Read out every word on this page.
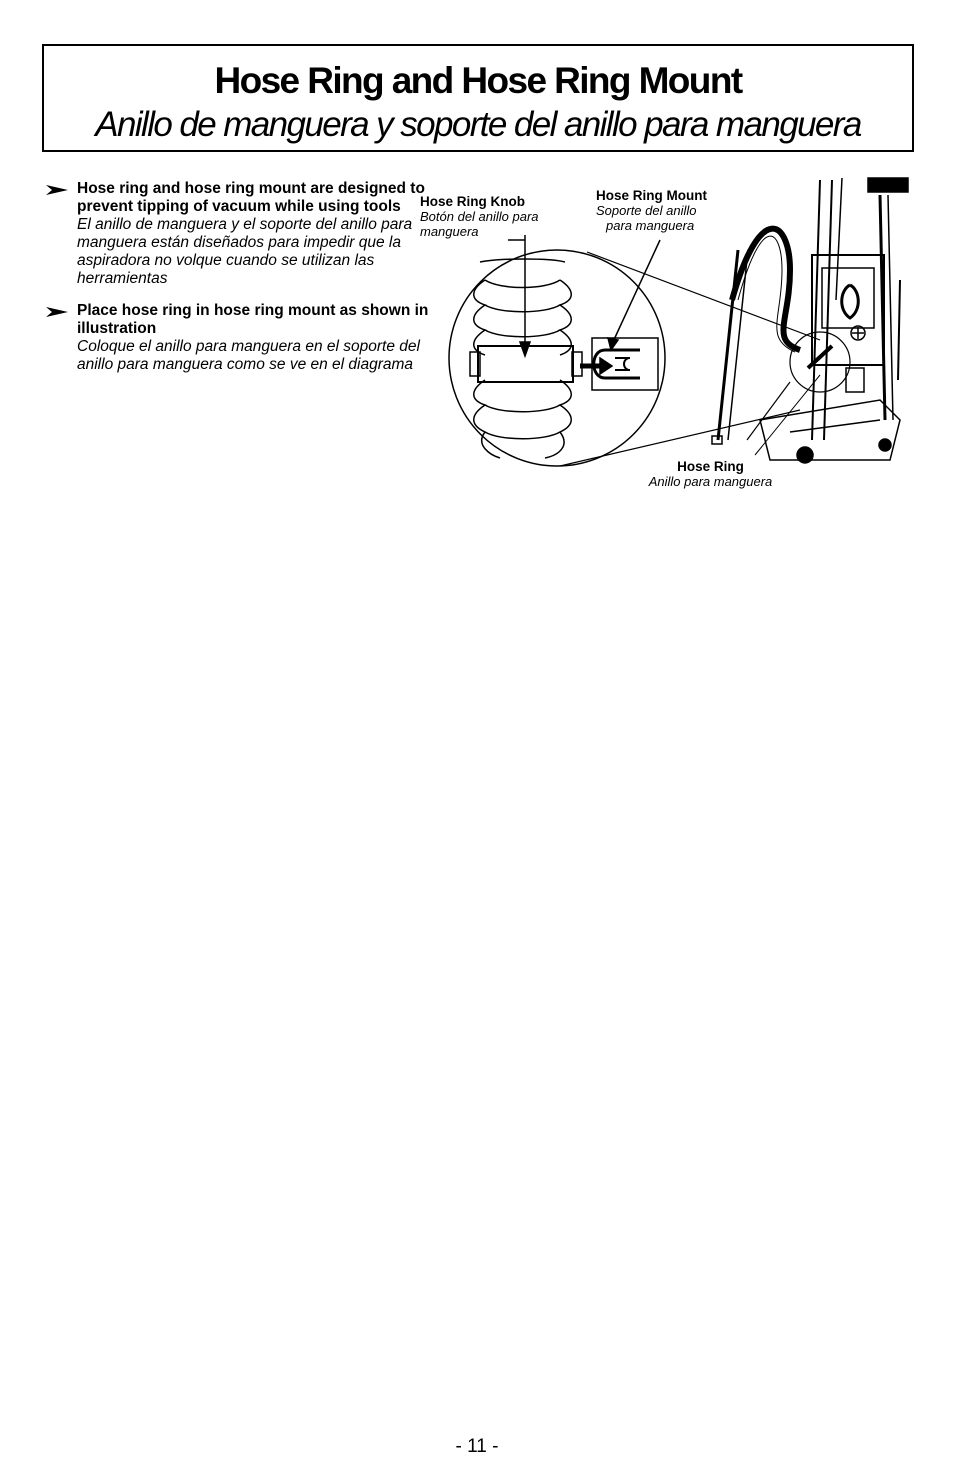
Hose Ring and Hose Ring Mount
Anillo de manguera y soporte del anillo para manguera
Hose ring and hose ring mount are designed to prevent tipping of vacuum while using tools
El anillo de manguera y el soporte del anillo para manguera están diseñados para impedir que la aspiradora no volque cuando se utilizan las herramientas
Place hose ring in hose ring mount as shown in illustration
Coloque el anillo para manguera en el soporte del anillo para manguera como se ve en el diagrama
Hose Ring Knob
Botón del anillo para
manguera
Hose Ring Mount
Soporte del anillo
para manguera
Hose Ring
Anillo para manguera
- 11 -
